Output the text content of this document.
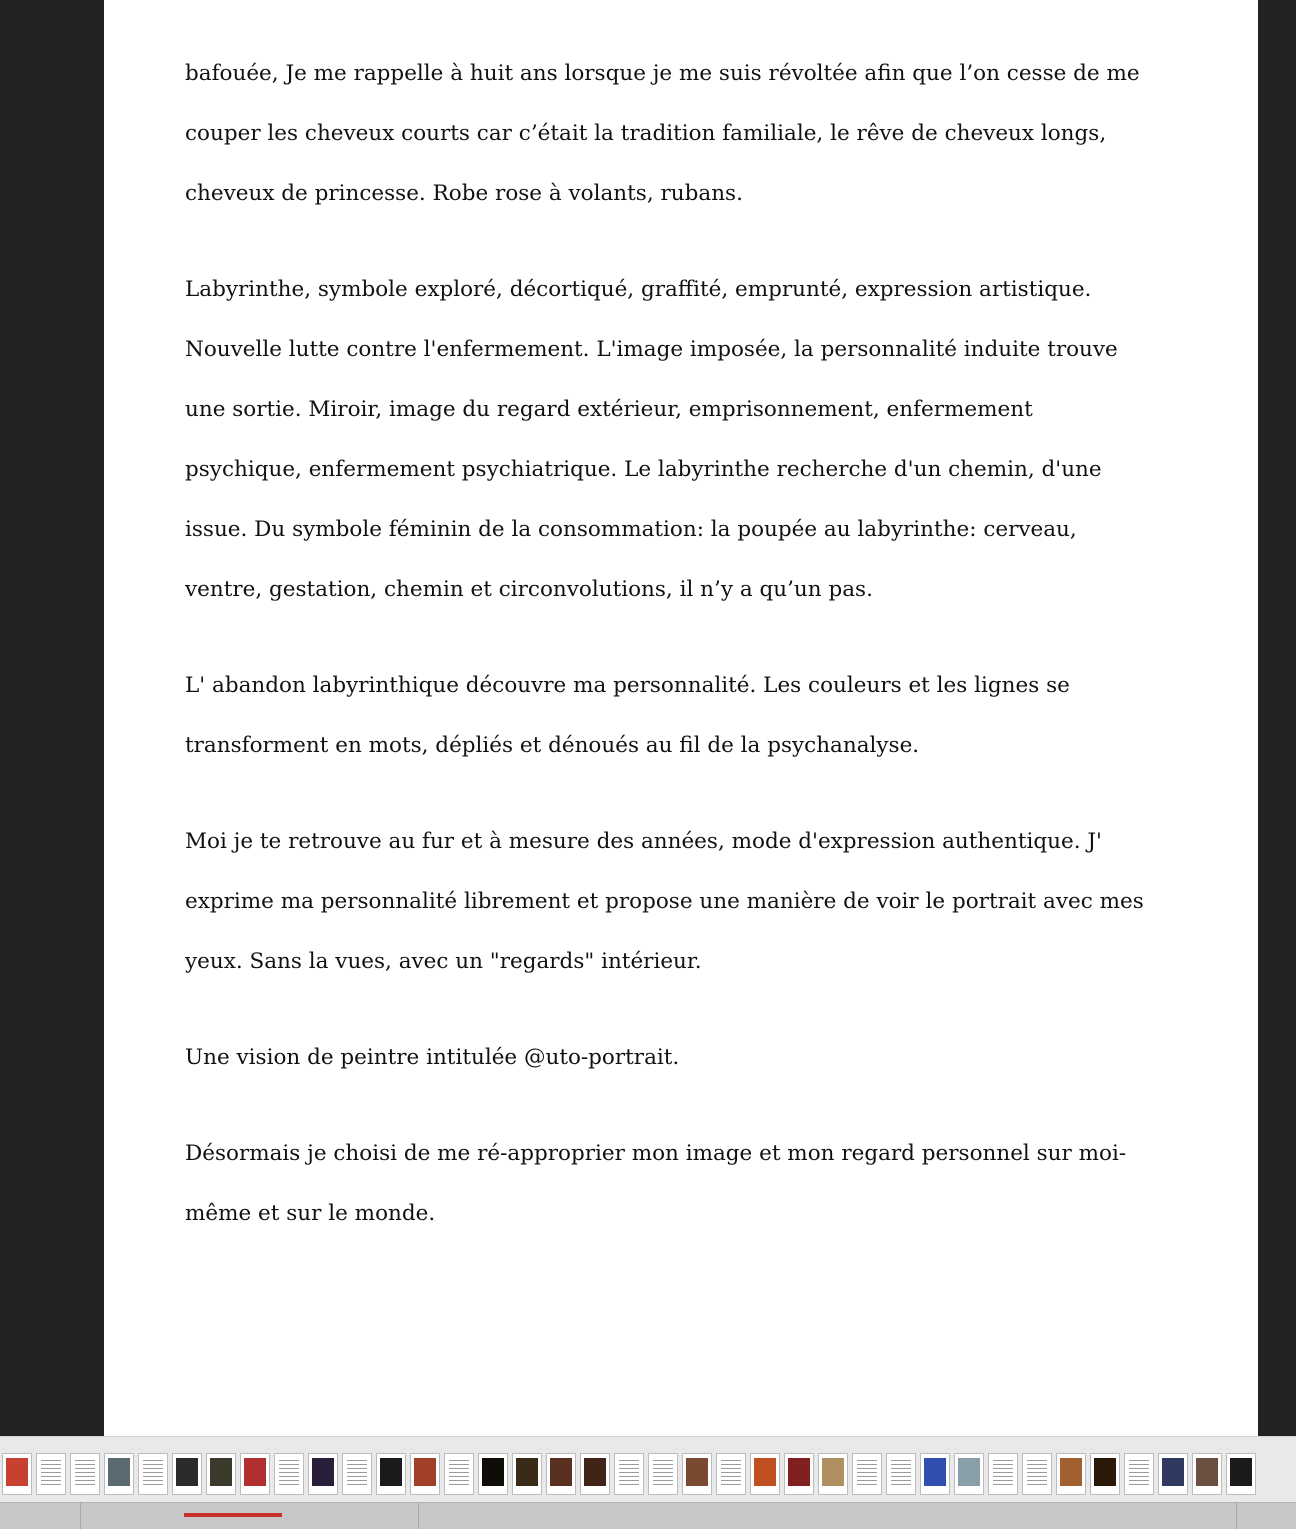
bafouée, Je me rappelle à huit ans lorsque je me suis révoltée afin que l’on cesse de me
couper les cheveux courts car c’était la tradition familiale, le rêve de cheveux longs,
cheveux de princesse. Robe rose à volants, rubans.

Labyrinthe, symbole exploré, décortiqué, graffité, emprunté, expression artistique.
Nouvelle lutte contre l'enfermement. L'image imposée, la personnalité induite trouve
une sortie. Miroir, image du regard extérieur, emprisonnement, enfermement
psychique, enfermement psychiatrique. Le labyrinthe recherche d'un chemin, d'une
issue. Du symbole féminin de la consommation: la poupée au labyrinthe: cerveau,
ventre, gestation, chemin et circonvolutions, il n’y a qu’un pas.

L' abandon labyrinthique découvre ma personnalité. Les couleurs et les lignes se
transforment en mots, dépliés et dénoués au fil de la psychanalyse.

Moi je te retrouve au fur et à mesure des années, mode d'expression authentique. J'
exprime ma personnalité librement et propose une manière de voir le portrait avec mes
yeux. Sans la vues, avec un "regards" intérieur.

Une vision de peintre intitulée @uto-portrait.

Désormais je choisi de me ré-approprier mon image et mon regard personnel sur moi-
même et sur le monde.
